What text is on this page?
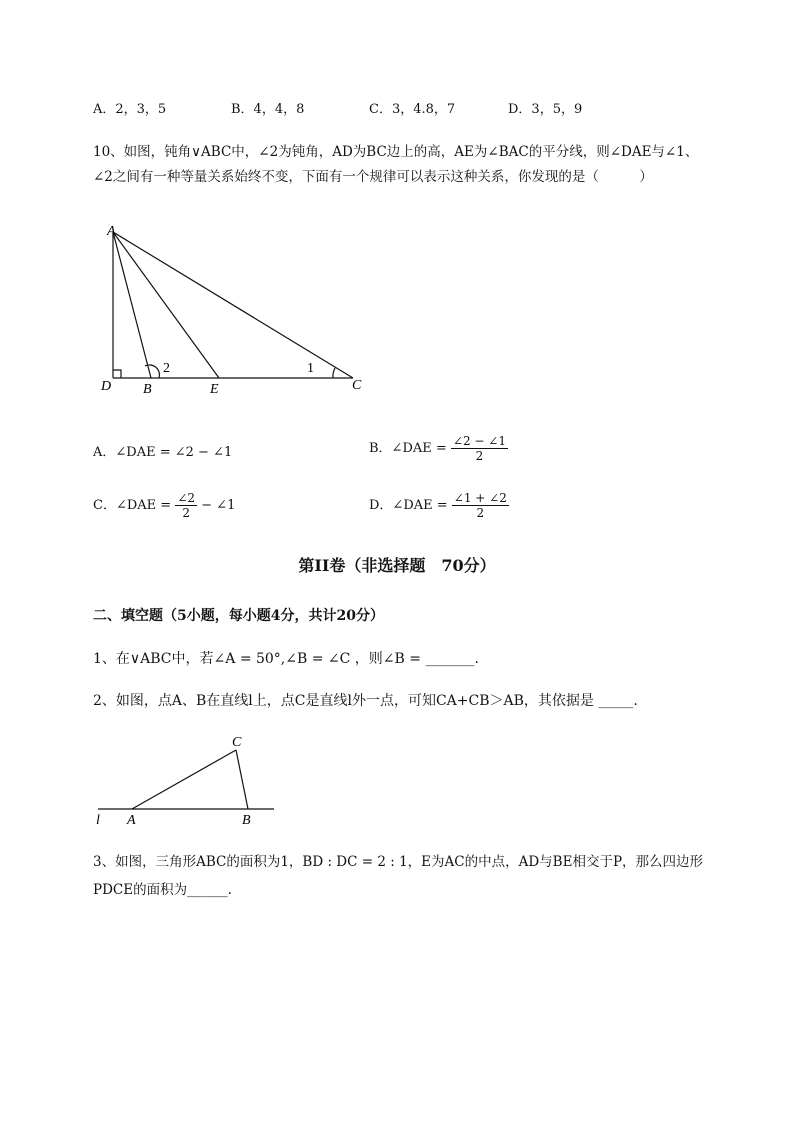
A．2，3，5	B．4，4，8	C．3，4.8，7	D．3，5，9
10、如图，钝角∨ABC中，∠2为钝角，AD为BC边上的高，AE为∠BAC的平分线，则∠DAE与∠1、
∠2之间有一种等量关系始终不变，下面有一个规律可以表示这种关系，你发现的是（　　　）
A
D B	E	C
2	1
A．∠DAE = ∠2 − ∠1	B．∠DAE = $\frac{\angle 2 - \angle 1}{2}$
C．∠DAE = $\frac{\angle 2}{2}$ − ∠1	D．∠DAE = $\frac{\angle 1 + \angle 2}{2}$
第II卷（非选择题　70分）
二、填空题（5小题，每小题4分，共计20分）
1、在∨ABC中，若∠A = 50°,∠B = ∠C ，则∠B = _______.
2、如图，点A、B在直线l上，点C是直线l外一点，可知CA+CB＞AB，其依据是 _____.
C
l A	B
3、如图，三角形ABC的面积为1，BD : DC = 2 : 1，E为AC的中点，AD与BE相交于P，那么四边形
PDCE的面积为______.
